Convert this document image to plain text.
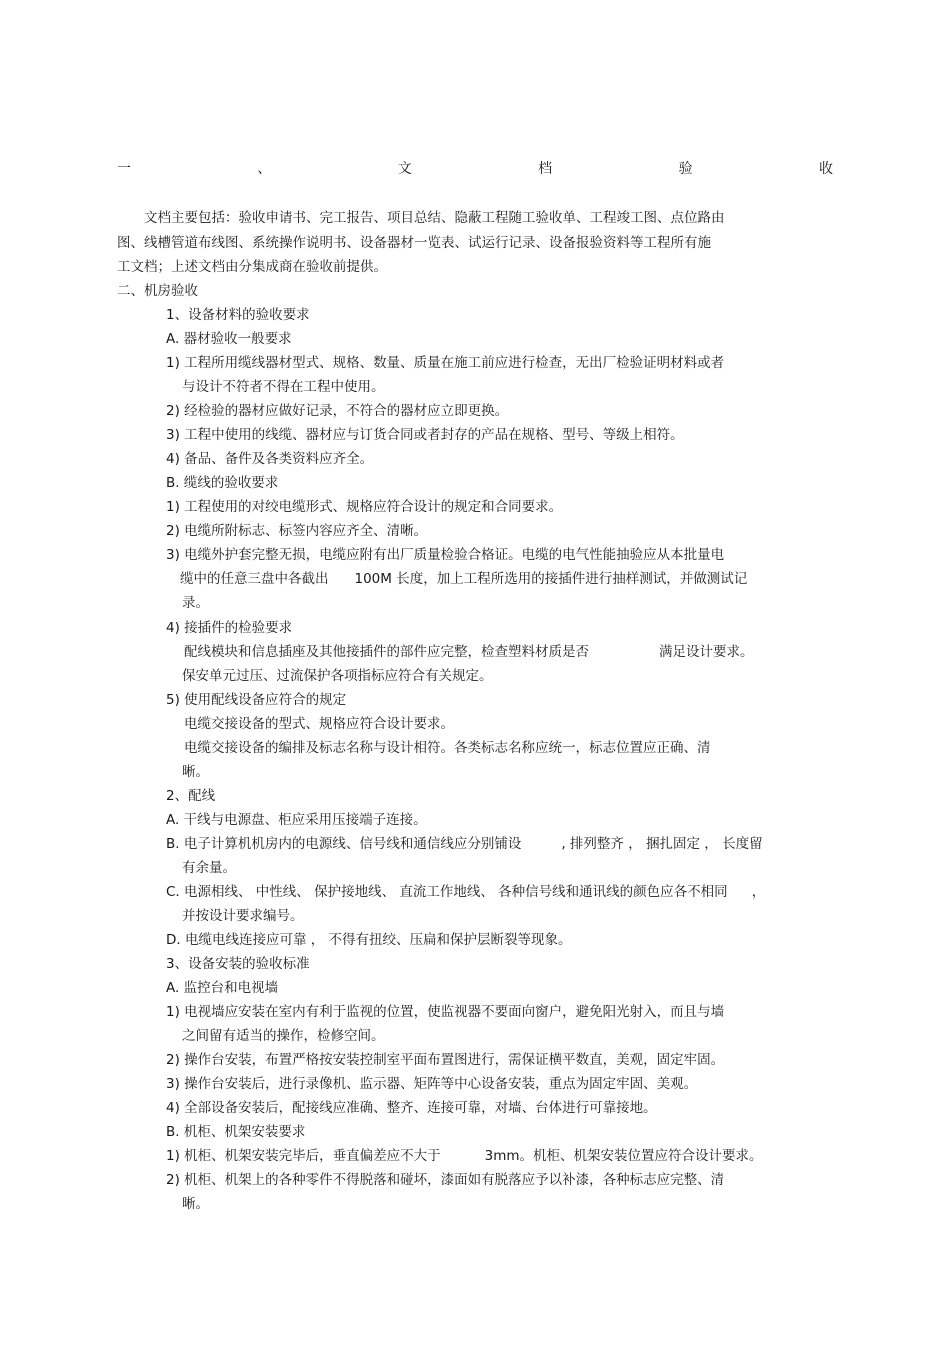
一	、	文	档	验	收
文档主要包括：验收申请书、完工报告、项目总结、隐蔽工程随工验收单、工程竣工图、点位路由
图、线槽管道布线图、系统操作说明书、设备器材一览表、试运行记录、设备报验资料等工程所有施
工文档；上述文档由分集成商在验收前提供。
二、机房验收
1、设备材料的验收要求
A. 器材验收一般要求
1) 工程所用缆线器材型式、规格、数量、质量在施工前应进行检查，无出厂检验证明材料或者
与设计不符者不得在工程中使用。
2) 经检验的器材应做好记录，不符合的器材应立即更换。
3) 工程中使用的线缆、器材应与订货合同或者封存的产品在规格、型号、等级上相符。
4) 备品、备件及各类资料应齐全。
B. 缆线的验收要求
1) 工程使用的对绞电缆形式、规格应符合设计的规定和合同要求。
2) 电缆所附标志、标签内容应齐全、清晰。
3) 电缆外护套完整无损，电缆应附有出厂质量检验合格证。电缆的电气性能抽验应从本批量电
缆中的任意三盘中各截出 100M 长度，加上工程所选用的接插件进行抽样测试，并做测试记
录。
4) 接插件的检验要求
配线模块和信息插座及其他接插件的部件应完整，检查塑料材质是否	满足设计要求。
保安单元过压、过流保护各项指标应符合有关规定。
5) 使用配线设备应符合的规定
电缆交接设备的型式、规格应符合设计要求。
电缆交接设备的编排及标志名称与设计相符。各类标志名称应统一，标志位置应正确、清
晰。
2、配线
A. 干线与电源盘、柜应采用压接端子连接。
B. 电子计算机机房内的电源线、信号线和通信线应分别铺设	, 排列整齐 ， 捆扎固定 ， 长度留
有余量。
C. 电源相线、 中性线、 保护接地线、 直流工作地线、 各种信号线和通讯线的颜色应各不相同 ，
并按设计要求编号。
D. 电缆电线连接应可靠 ， 不得有扭绞、压扁和保护层断裂等现象。
3、设备安装的验收标准
A. 监控台和电视墙
1) 电视墙应安装在室内有利于监视的位置，使监视器不要面向窗户，避免阳光射入，而且与墙
之间留有适当的操作，检修空间。
2) 操作台安装，布置严格按安装控制室平面布置图进行，需保证横平数直，美观，固定牢固。
3) 操作台安装后，进行录像机、监示器、矩阵等中心设备安装，重点为固定牢固、美观。
4) 全部设备安装后，配接线应准确、整齐、连接可靠，对墙、台体进行可靠接地。
B. 机柜、机架安装要求
1) 机柜、机架安装完毕后，垂直偏差应不大于	3mm。机柜、机架安装位置应符合设计要求。
2) 机柜、机架上的各种零件不得脱落和碰坏，漆面如有脱落应予以补漆，各种标志应完整、清
晰。
